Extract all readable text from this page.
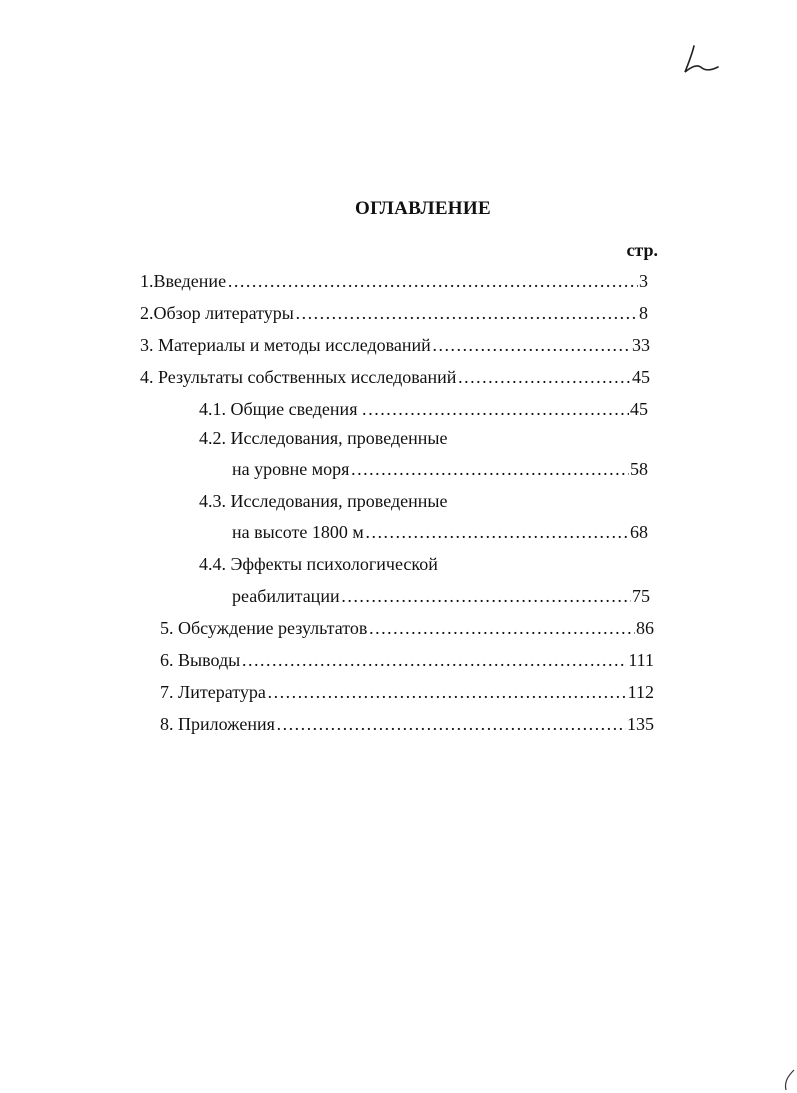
ОГЛАВЛЕНИЕ
стр.
1.Введение ……………………………………………………………………………………………………………………	3
2.Обзор литературы ……………………………………………………………………………………………………………………	8
3. Материалы и методы исследований ……………………………………………………………………………………………………………………	33
4. Результаты собственных исследований ……………………………………………………………………………………………………………………	45
4.1. Общие сведения . ……………………………………………………………………………………………………………………	45
4.2. Исследования, проведенные
на уровне моря ……………………………………………………………………………………………………………………	58
4.3. Исследования, проведенные
на высоте 1800 м ……………………………………………………………………………………………………………………	68
4.4. Эффекты психологической
реабилитации ……………………………………………………………………………………………………………………	75
5. Обсуждение результатов ……………………………………………………………………………………………………………………	86
6. Выводы ……………………………………………………………………………………………………………………	111
7. Литература ……………………………………………………………………………………………………………………	112
8. Приложения ……………………………………………………………………………………………………………………	135
